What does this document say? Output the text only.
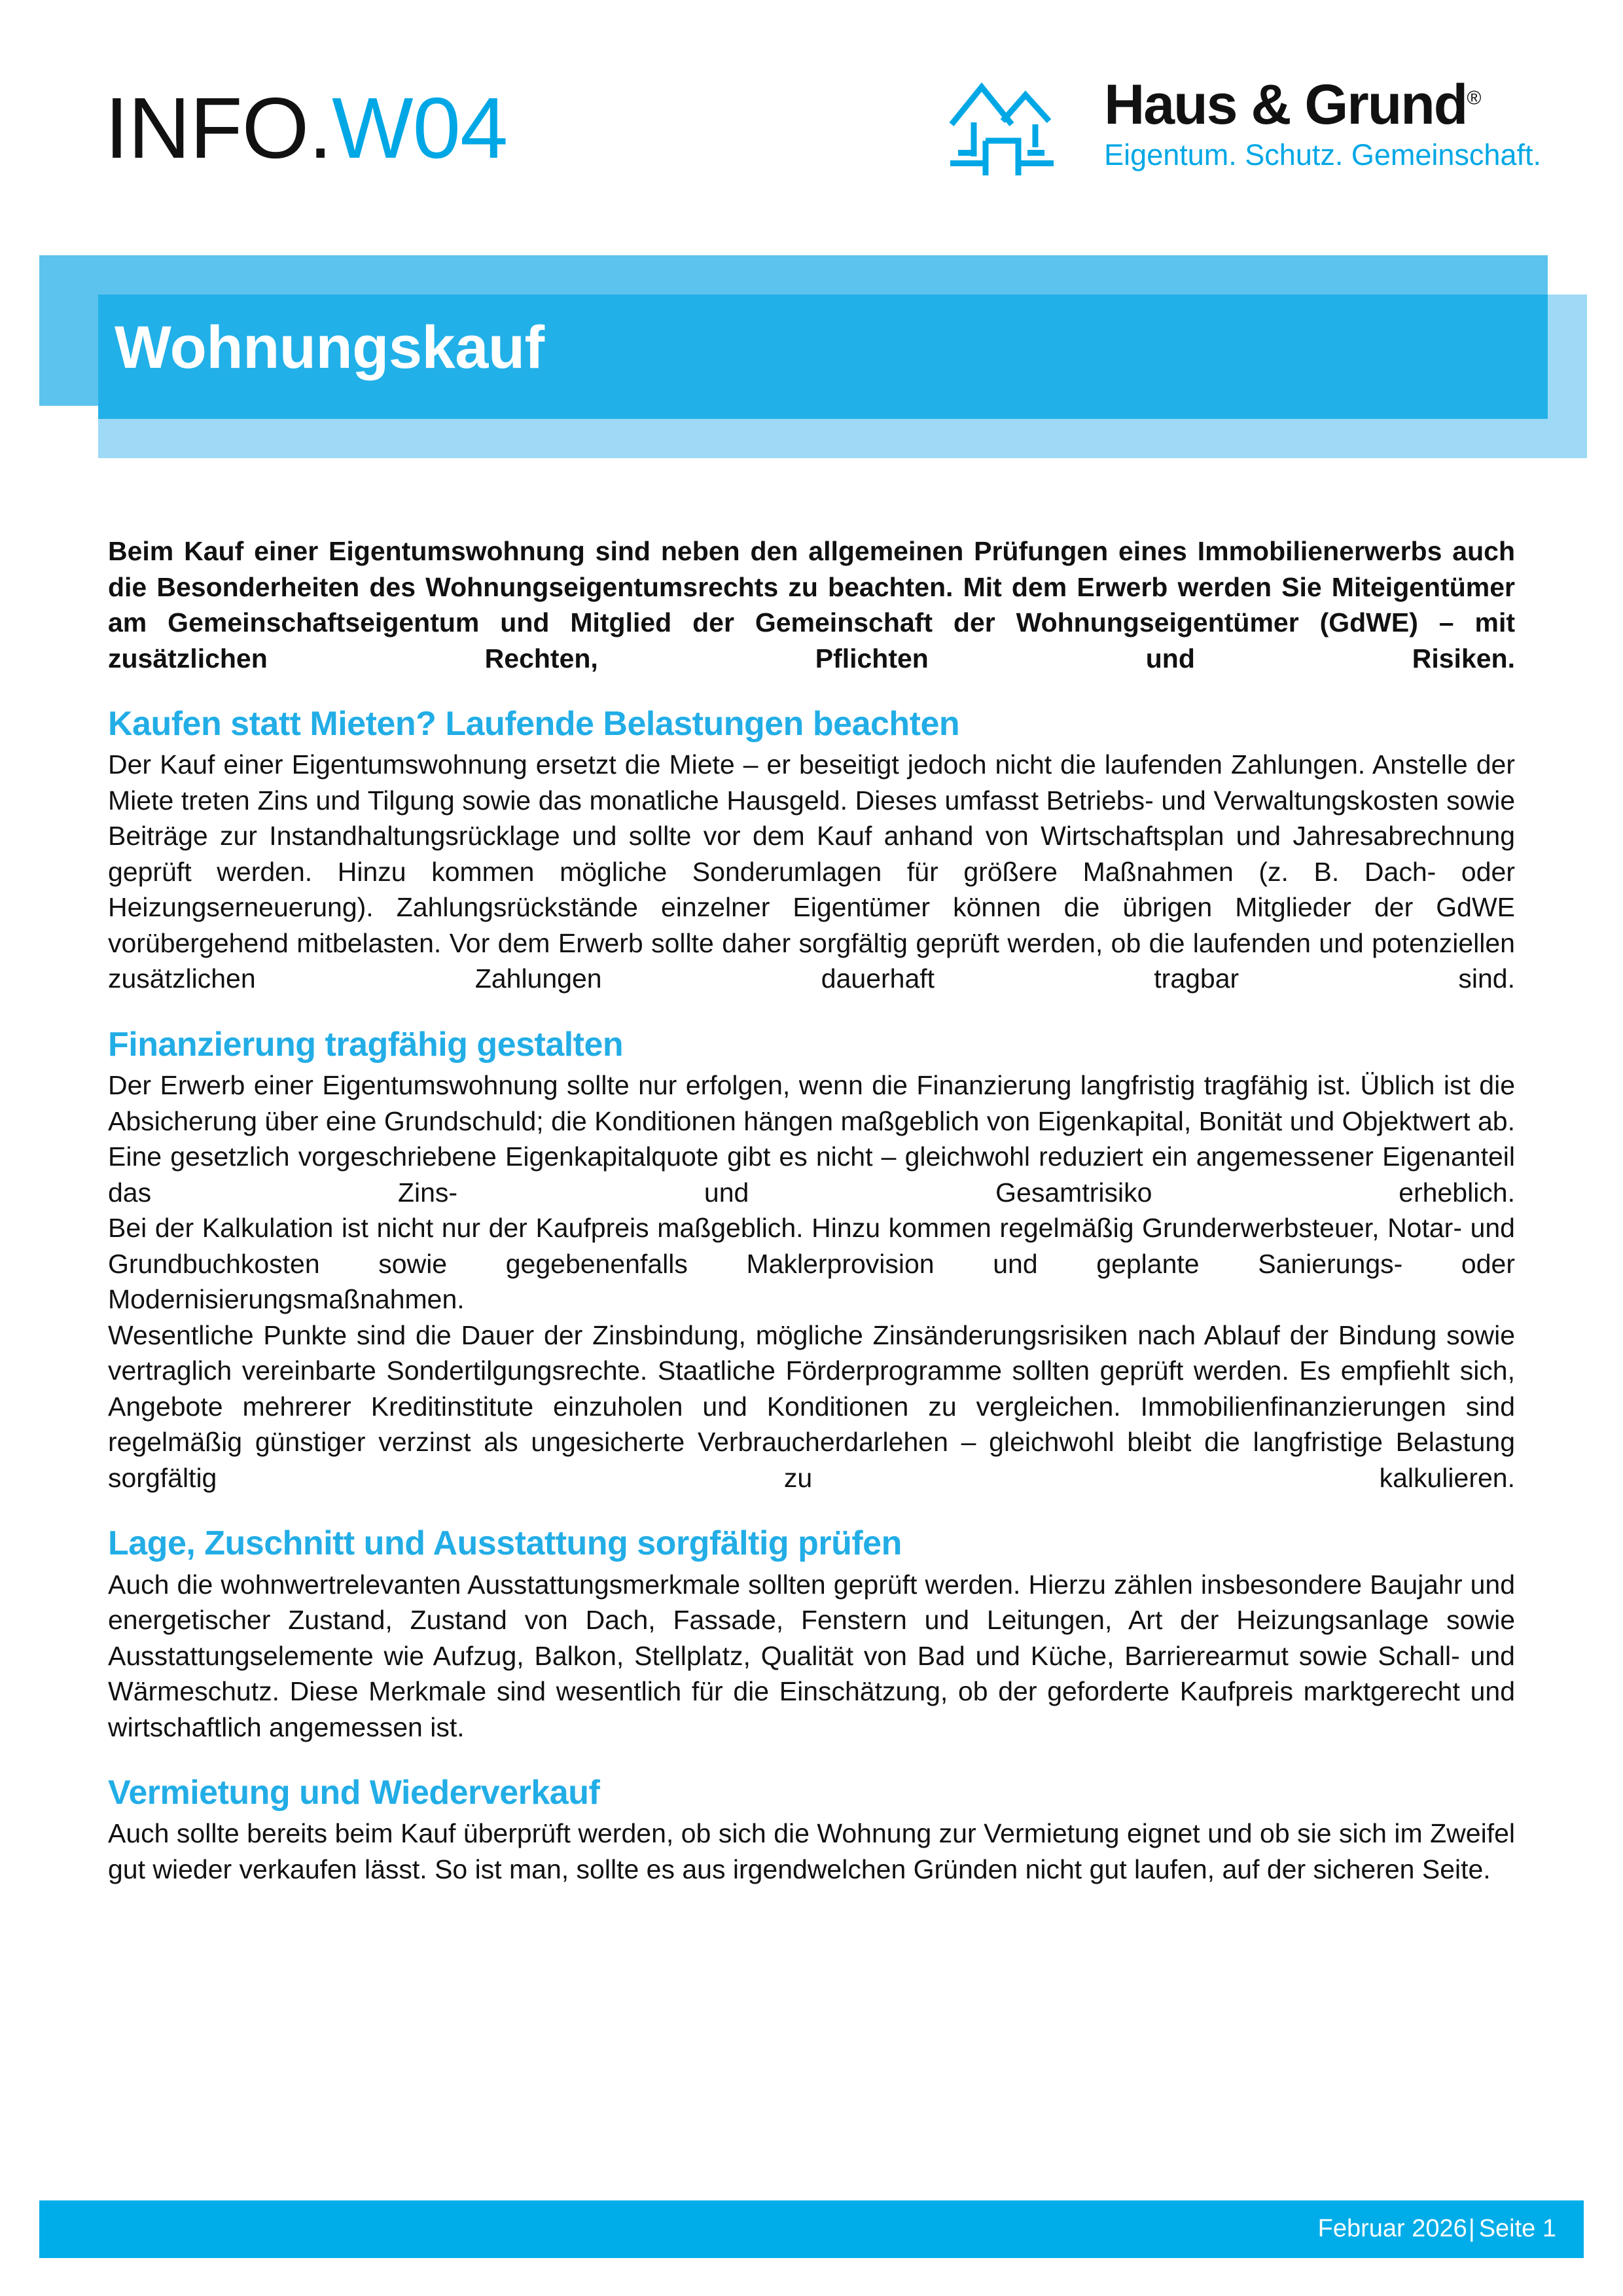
INFO.W04	Haus & Grund®
Eigentum. Schutz. Gemeinschaft.
Wohnungskauf

Beim Kauf einer Eigentumswohnung sind neben den allgemeinen Prüfungen eines Immobilienerwerbs auch die Besonderheiten des Wohnungseigentumsrechts zu beachten. Mit dem Erwerb werden Sie Miteigentümer am Gemeinschaftseigentum und Mitglied der Gemeinschaft der Wohnungseigentümer (GdWE) – mit zusätzlichen Rechten, Pflichten und Risiken.

Kaufen statt Mieten? Laufende Belastungen beachten

Der Kauf einer Eigentumswohnung ersetzt die Miete – er beseitigt jedoch nicht die laufenden Zahlungen. Anstelle der Miete treten Zins und Tilgung sowie das monatliche Hausgeld. Dieses umfasst Betriebs- und Verwaltungskosten sowie Beiträge zur Instandhaltungsrücklage und sollte vor dem Kauf anhand von Wirtschaftsplan und Jahresabrechnung geprüft werden. Hinzu kommen mögliche Sonderumlagen für größere Maßnahmen (z. B. Dach- oder Heizungserneuerung). Zahlungsrückstände einzelner Eigentümer können die übrigen Mitglieder der GdWE vorübergehend mitbelasten. Vor dem Erwerb sollte daher sorgfältig geprüft werden, ob die laufenden und potenziellen zusätzlichen Zahlungen dauerhaft tragbar sind.

Finanzierung tragfähig gestalten

Der Erwerb einer Eigentumswohnung sollte nur erfolgen, wenn die Finanzierung langfristig tragfähig ist. Üblich ist die Absicherung über eine Grundschuld; die Konditionen hängen maßgeblich von Eigenkapital, Bonität und Objektwert ab. Eine gesetzlich vorgeschriebene Eigenkapitalquote gibt es nicht – gleichwohl reduziert ein angemessener Eigenanteil das Zins- und Gesamtrisiko erheblich.

Bei der Kalkulation ist nicht nur der Kaufpreis maßgeblich. Hinzu kommen regelmäßig Grunderwerbsteuer, Notar- und Grundbuchkosten sowie gegebenenfalls Maklerprovision und geplante Sanierungs- oder Modernisierungsmaßnahmen.

Wesentliche Punkte sind die Dauer der Zinsbindung, mögliche Zinsänderungsrisiken nach Ablauf der Bindung sowie vertraglich vereinbarte Sondertilgungsrechte. Staatliche Förderprogramme sollten geprüft werden. Es empfiehlt sich, Angebote mehrerer Kreditinstitute einzuholen und Konditionen zu vergleichen. Immobilienfinanzierungen sind regelmäßig günstiger verzinst als ungesicherte Verbraucherdarlehen – gleichwohl bleibt die langfristige Belastung sorgfältig zu kalkulieren.

Lage, Zuschnitt und Ausstattung sorgfältig prüfen

Auch die wohnwertrelevanten Ausstattungsmerkmale sollten geprüft werden. Hierzu zählen insbesondere Baujahr und energetischer Zustand, Zustand von Dach, Fassade, Fenstern und Leitungen, Art der Heizungsanlage sowie Ausstattungselemente wie Aufzug, Balkon, Stellplatz, Qualität von Bad und Küche, Barrierearmut sowie Schall- und Wärmeschutz. Diese Merkmale sind wesentlich für die Einschätzung, ob der geforderte Kaufpreis marktgerecht und wirtschaftlich angemessen ist.

Vermietung und Wiederverkauf

Auch sollte bereits beim Kauf überprüft werden, ob sich die Wohnung zur Vermietung eignet und ob sie sich im Zweifel gut wieder verkaufen lässt. So ist man, sollte es aus irgendwelchen Gründen nicht gut laufen, auf der sicheren Seite.

Februar 2026| Seite 1
